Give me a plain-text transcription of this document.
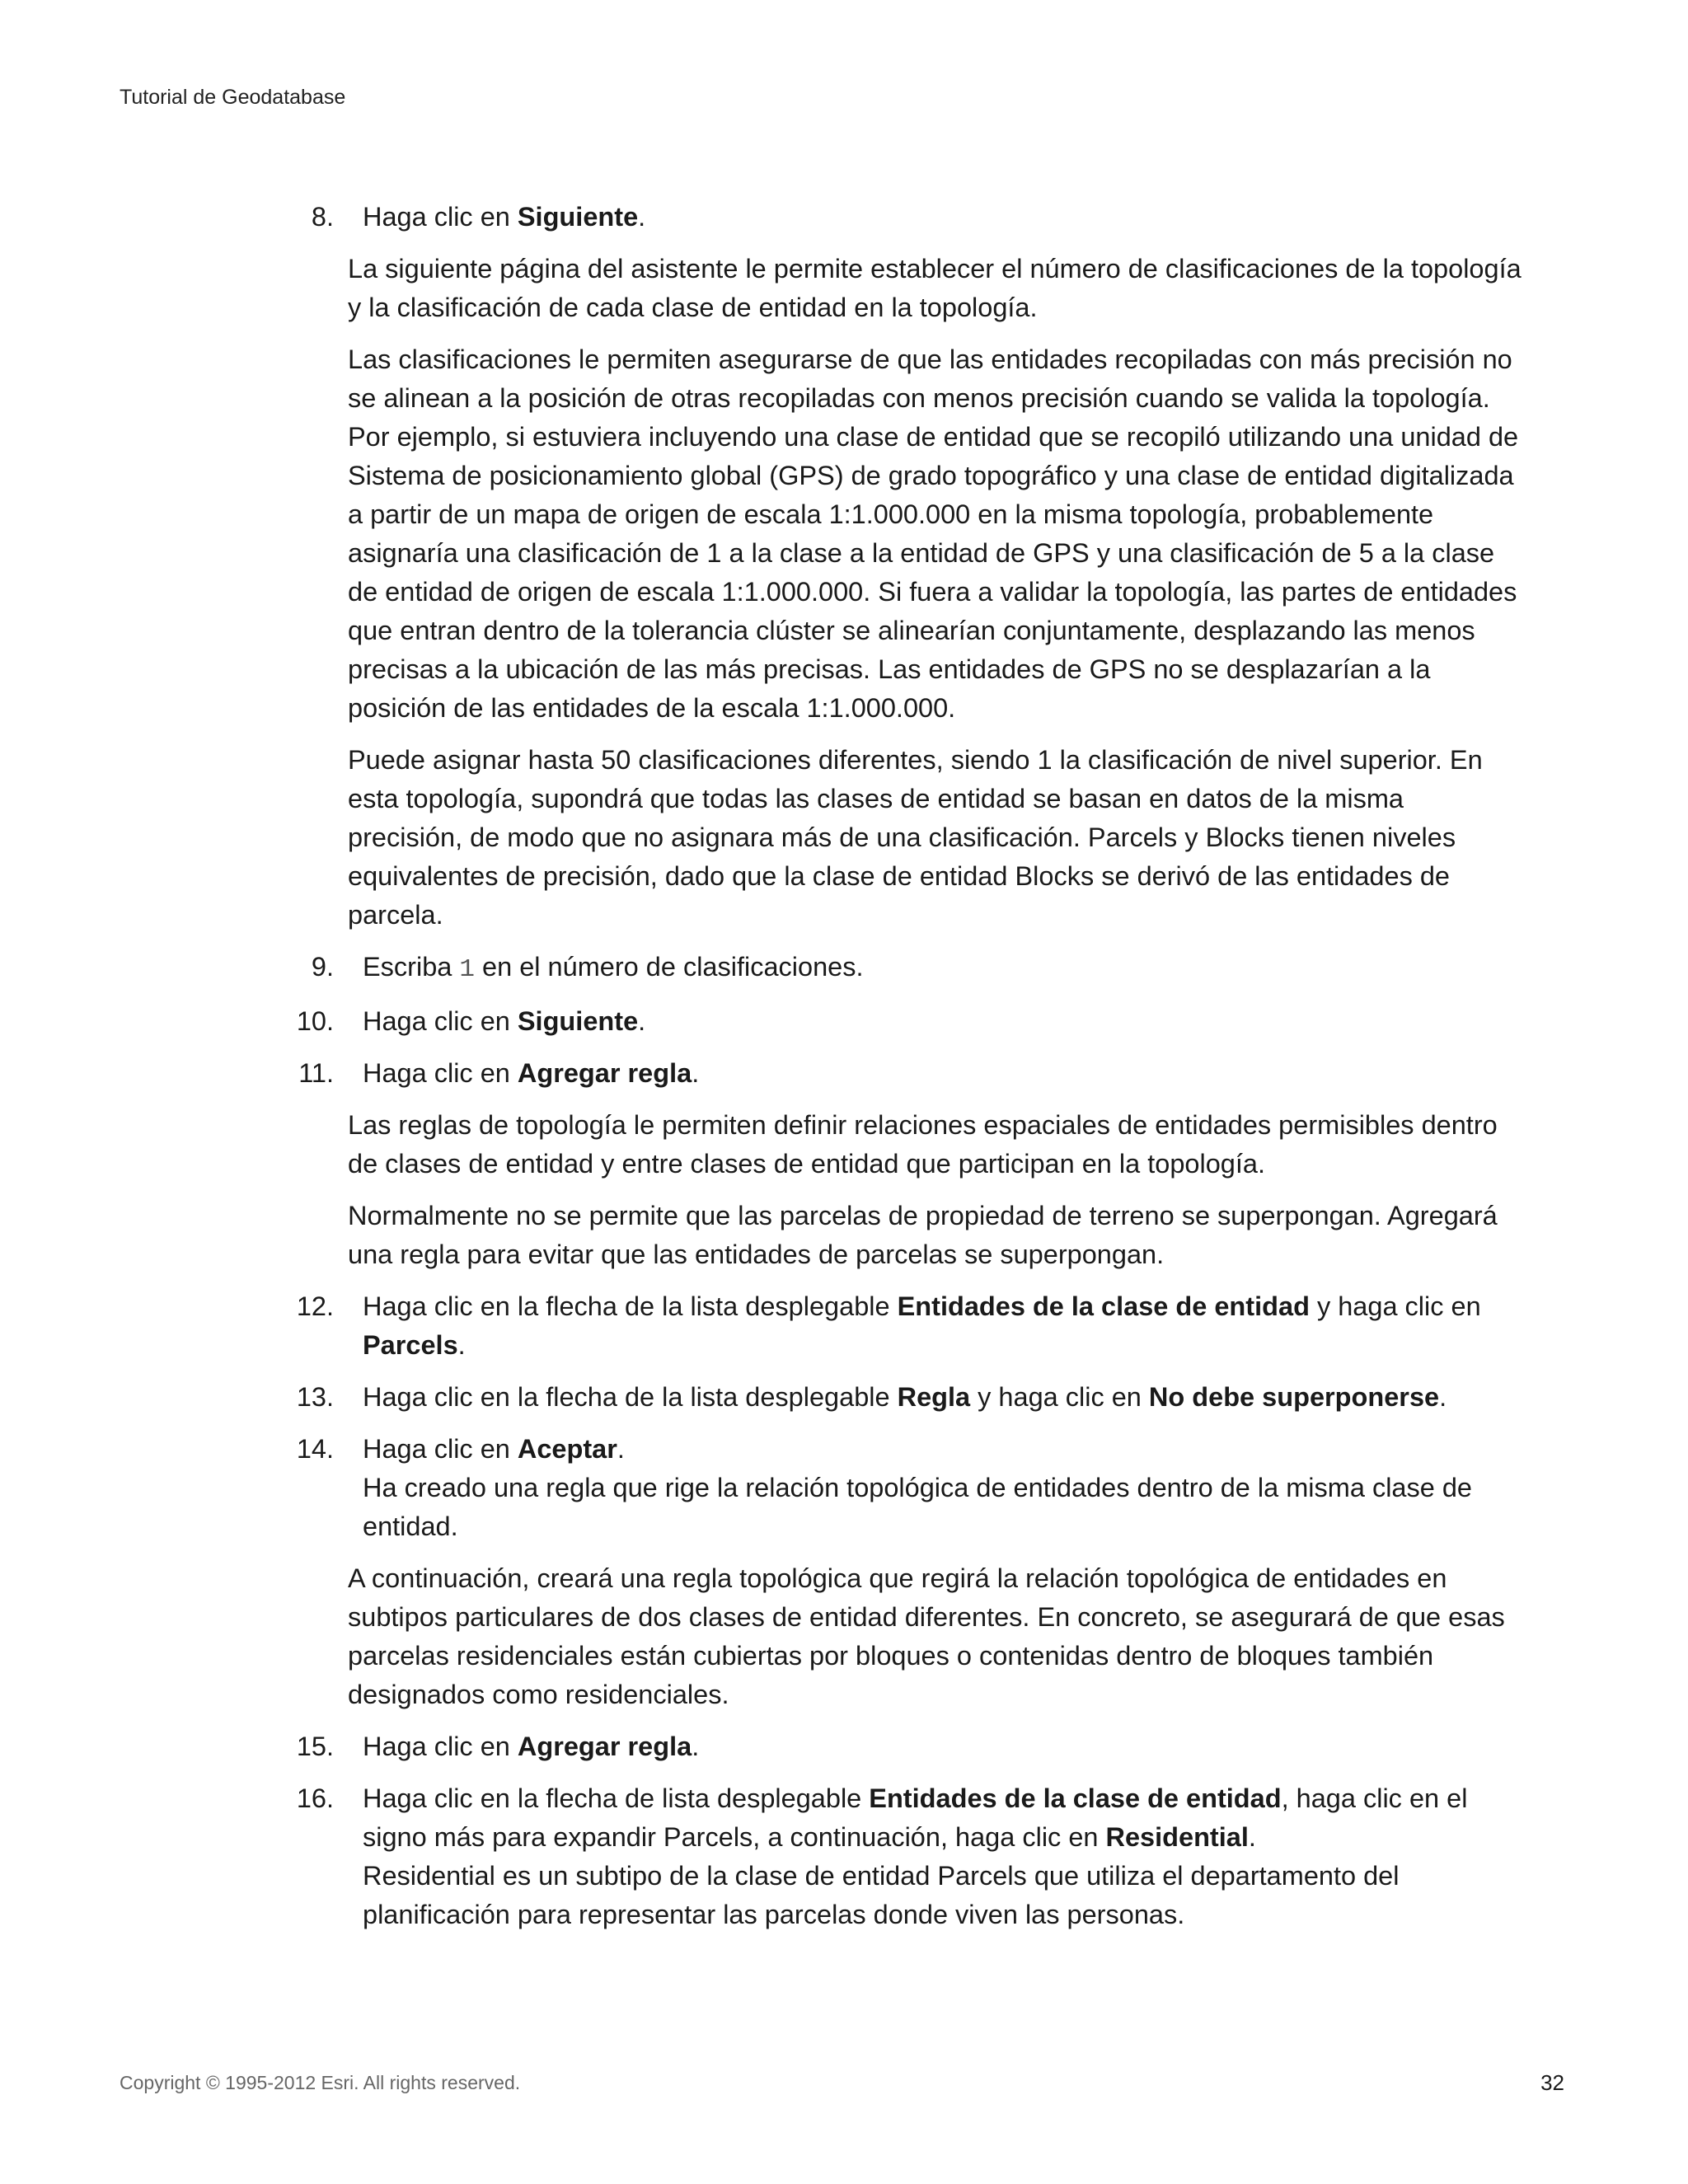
Tutorial de Geodatabase
8. Haga clic en Siguiente.
La siguiente página del asistente le permite establecer el número de clasificaciones de la topología y la clasificación de cada clase de entidad en la topología.
Las clasificaciones le permiten asegurarse de que las entidades recopiladas con más precisión no se alinean a la posición de otras recopiladas con menos precisión cuando se valida la topología. Por ejemplo, si estuviera incluyendo una clase de entidad que se recopiló utilizando una unidad de Sistema de posicionamiento global (GPS) de grado topográfico y una clase de entidad digitalizada a partir de un mapa de origen de escala 1:1.000.000 en la misma topología, probablemente asignaría una clasificación de 1 a la clase a la entidad de GPS y una clasificación de 5 a la clase de entidad de origen de escala 1:1.000.000. Si fuera a validar la topología, las partes de entidades que entran dentro de la tolerancia clúster se alinearían conjuntamente, desplazando las menos precisas a la ubicación de las más precisas. Las entidades de GPS no se desplazarían a la posición de las entidades de la escala 1:1.000.000.
Puede asignar hasta 50 clasificaciones diferentes, siendo 1 la clasificación de nivel superior. En esta topología, supondrá que todas las clases de entidad se basan en datos de la misma precisión, de modo que no asignara más de una clasificación. Parcels y Blocks tienen niveles equivalentes de precisión, dado que la clase de entidad Blocks se derivó de las entidades de parcela.
9. Escriba 1 en el número de clasificaciones.
10. Haga clic en Siguiente.
11. Haga clic en Agregar regla.
Las reglas de topología le permiten definir relaciones espaciales de entidades permisibles dentro de clases de entidad y entre clases de entidad que participan en la topología.
Normalmente no se permite que las parcelas de propiedad de terreno se superpongan. Agregará una regla para evitar que las entidades de parcelas se superpongan.
12. Haga clic en la flecha de la lista desplegable Entidades de la clase de entidad y haga clic en Parcels.
13. Haga clic en la flecha de la lista desplegable Regla y haga clic en No debe superponerse.
14. Haga clic en Aceptar.
Ha creado una regla que rige la relación topológica de entidades dentro de la misma clase de entidad.
A continuación, creará una regla topológica que regirá la relación topológica de entidades en subtipos particulares de dos clases de entidad diferentes. En concreto, se asegurará de que esas parcelas residenciales están cubiertas por bloques o contenidas dentro de bloques también designados como residenciales.
15. Haga clic en Agregar regla.
16. Haga clic en la flecha de lista desplegable Entidades de la clase de entidad, haga clic en el signo más para expandir Parcels, a continuación, haga clic en Residential.
Residential es un subtipo de la clase de entidad Parcels que utiliza el departamento del planificación para representar las parcelas donde viven las personas.
Copyright © 1995-2012 Esri. All rights reserved.	32
